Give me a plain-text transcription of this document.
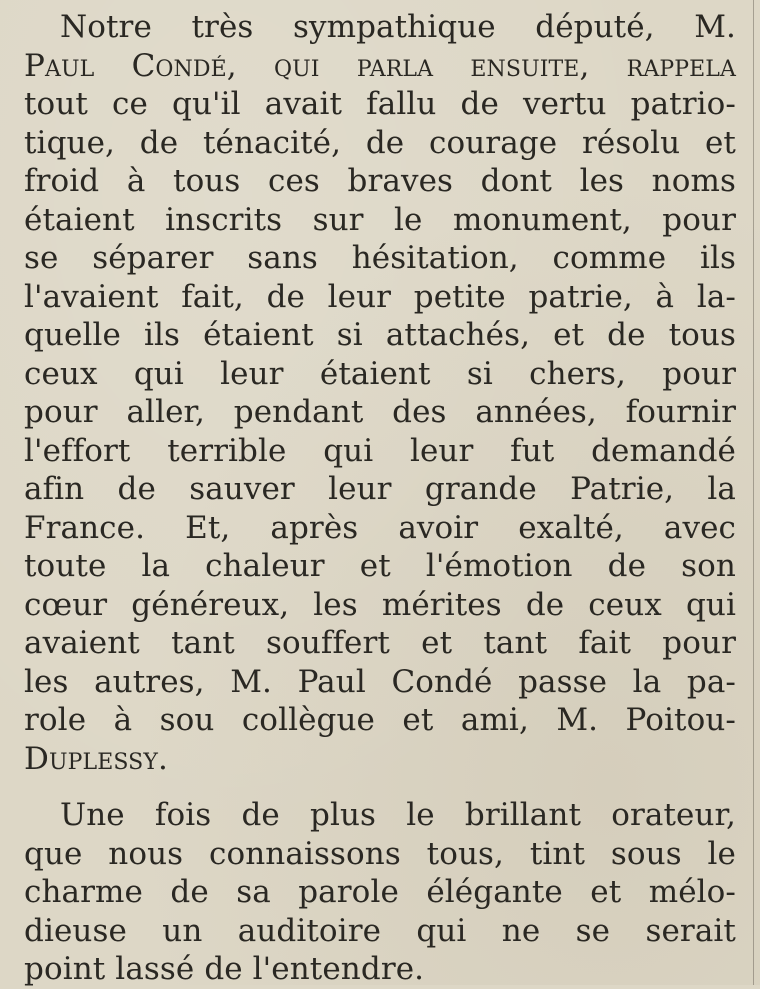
Notre très sympathique député, M.
Paul Condé, qui parla ensuite, rappela
tout ce qu'il avait fallu de vertu patrio-
tique, de ténacité, de courage résolu et
froid à tous ces braves dont les noms
étaient inscrits sur le monument, pour
se séparer sans hésitation, comme ils
l'avaient fait, de leur petite patrie, à la-
quelle ils étaient si attachés, et de tous
ceux qui leur étaient si chers, pour
pour aller, pendant des années, fournir
l'effort terrible qui leur fut demandé
afin de sauver leur grande Patrie, la
France. Et, après avoir exalté, avec
toute la chaleur et l'émotion de son
cœur généreux, les mérites de ceux qui
avaient tant souffert et tant fait pour
les autres, M. Paul Condé passe la pa-
role à sou collègue et ami, M. Poitou-
Duplessy.
Une fois de plus le brillant orateur,
que nous connaissons tous, tint sous le
charme de sa parole élégante et mélo-
dieuse un auditoire qui ne se serait
point lassé de l'entendre.
